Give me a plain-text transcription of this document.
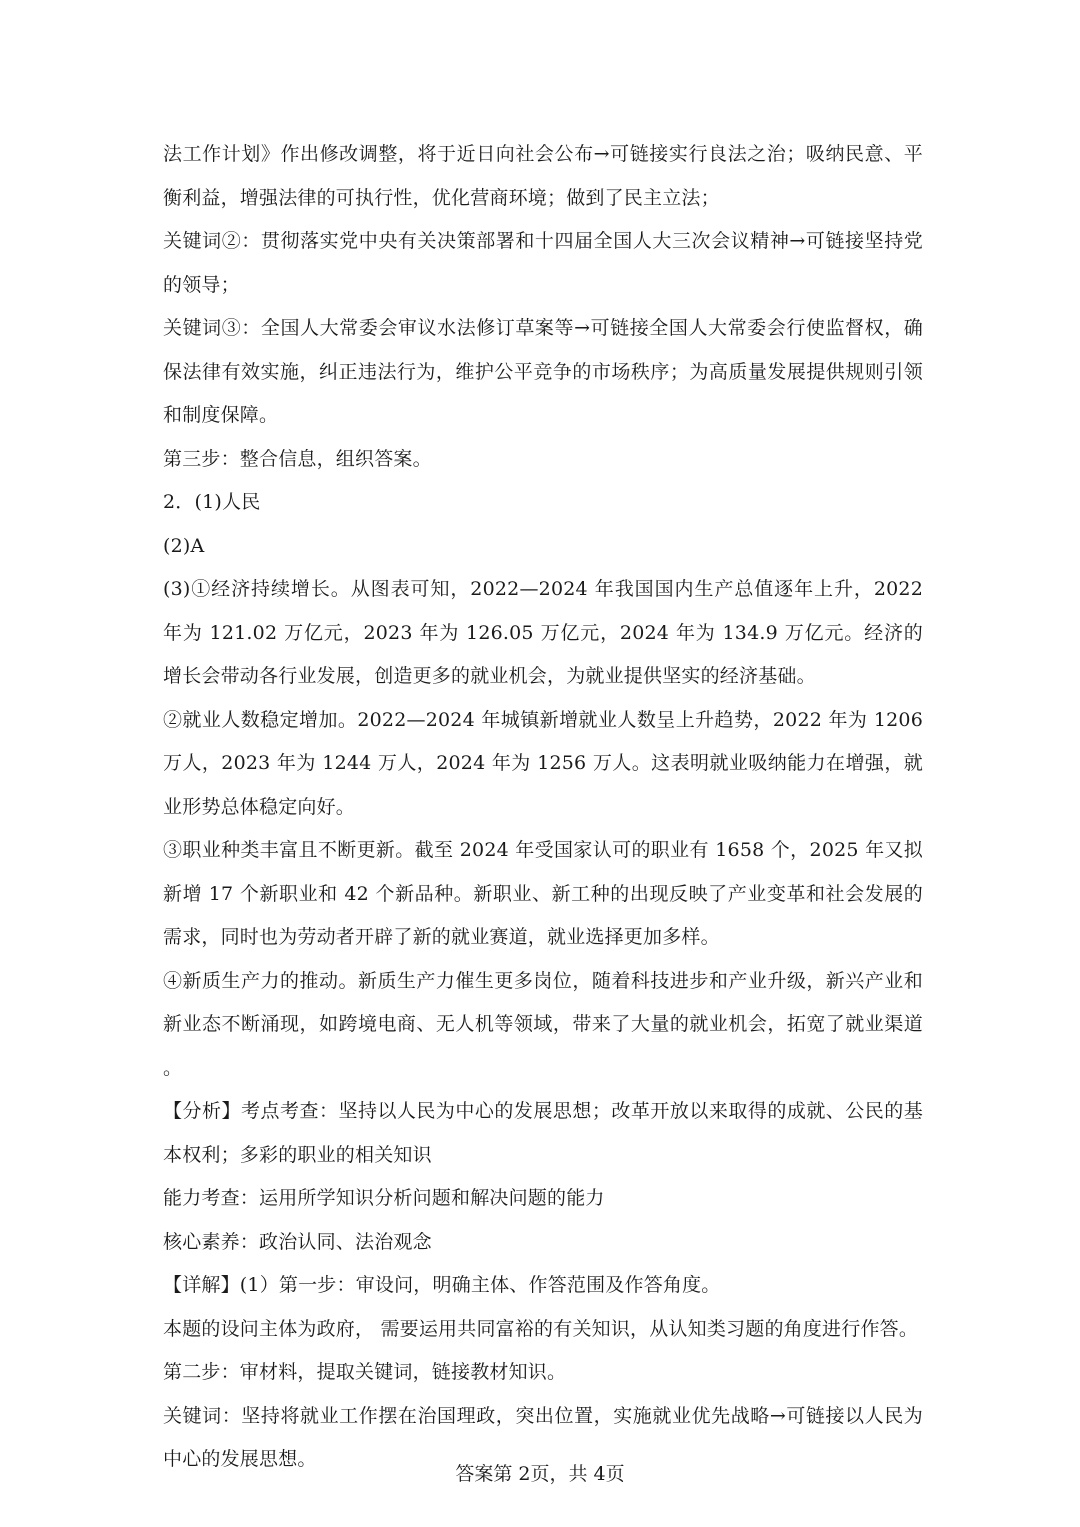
法工作计划》作出修改调整，将于近日向社会公布→可链接实行良法之治；吸纳民意、平衡利益，增强法律的可执行性，优化营商环境；做到了民主立法；

关键词②：贯彻落实党中央有关决策部署和十四届全国人大三次会议精神→可链接坚持党的领导；

关键词③：全国人大常委会审议水法修订草案等→可链接全国人大常委会行使监督权，确保法律有效实施，纠正违法行为，维护公平竞争的市场秩序；为高质量发展提供规则引领和制度保障。

第三步：整合信息，组织答案。

2．(1)人民

(2)A

(3)①经济持续增长。从图表可知，2022—2024 年我国国内生产总值逐年上升，2022 年为 121.02 万亿元，2023 年为 126.05 万亿元，2024 年为 134.9 万亿元。经济的增长会带动各行业发展，创造更多的就业机会，为就业提供坚实的经济基础。

②就业人数稳定增加。2022—2024 年城镇新增就业人数呈上升趋势，2022 年为 1206 万人，2023 年为 1244 万人，2024 年为 1256 万人。这表明就业吸纳能力在增强，就业形势总体稳定向好。

③职业种类丰富且不断更新。截至 2024 年受国家认可的职业有 1658 个，2025 年又拟新增 17 个新职业和 42 个新品种。新职业、新工种的出现反映了产业变革和社会发展的需求，同时也为劳动者开辟了新的就业赛道，就业选择更加多样。

④新质生产力的推动。新质生产力催生更多岗位，随着科技进步和产业升级，新兴产业和新业态不断涌现，如跨境电商、无人机等领域，带来了大量的就业机会，拓宽了就业渠道 。

【分析】考点考查：坚持以人民为中心的发展思想；改革开放以来取得的成就、公民的基本权利；多彩的职业的相关知识

能力考查：运用所学知识分析问题和解决问题的能力

核心素养：政治认同、法治观念

【详解】(1）第一步：审设问，明确主体、作答范围及作答角度。

本题的设问主体为政府， 需要运用共同富裕的有关知识，从认知类习题的角度进行作答。

第二步：审材料，提取关键词，链接教材知识。

关键词：坚持将就业工作摆在治国理政，突出位置，实施就业优先战略→可链接以人民为中心的发展思想。

答案第 2页，共 4页
